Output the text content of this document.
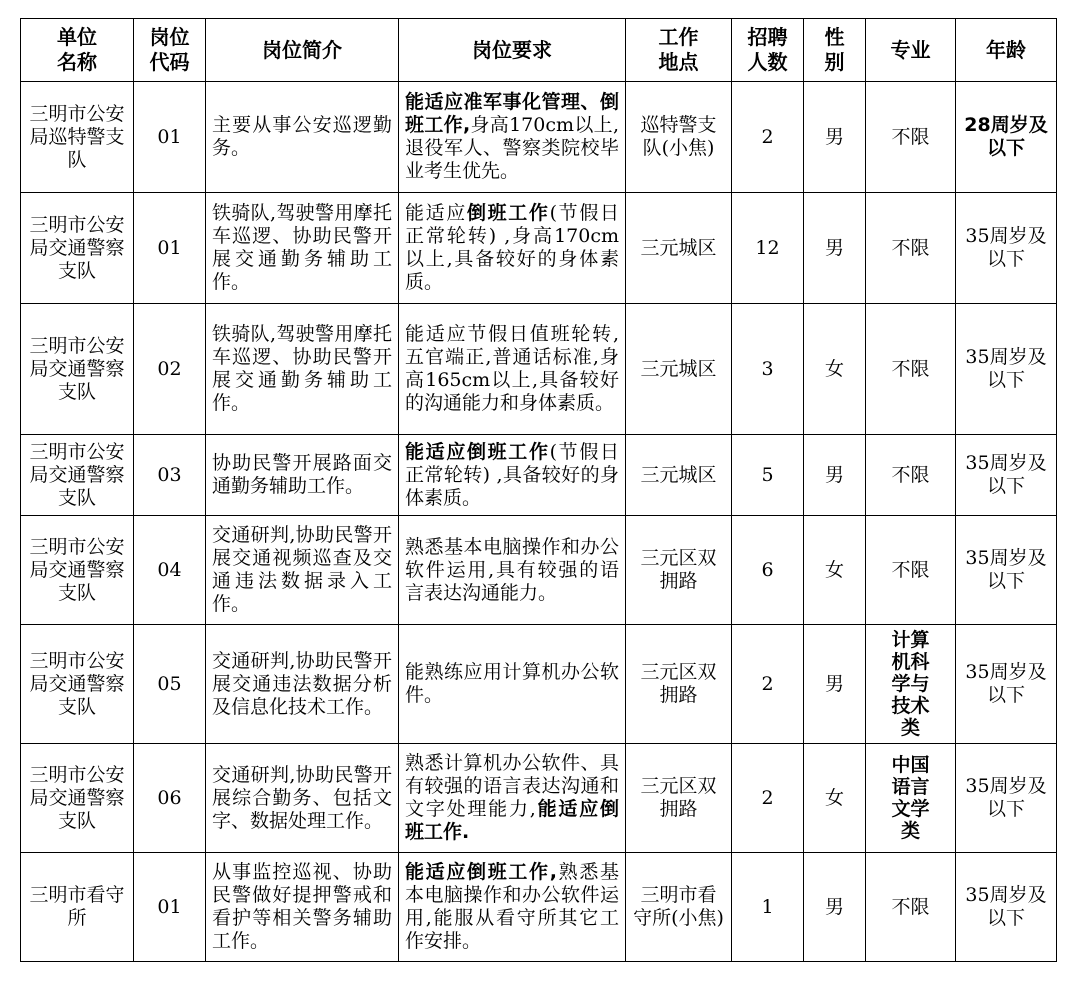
单位名称	岗位代码	岗位简介	岗位要求	工作地点	招聘人数	性别	专业	年龄
三明市公安局巡特警支队	01	主要从事公安巡逻勤务。	能适应准军事化管理、倒班工作,身高170cm以上,退役军人、警察类院校毕业考生优先。	巡特警支队(小焦)	2	男	不限	28周岁及以下
三明市公安局交通警察支队	01	铁骑队,驾驶警用摩托车巡逻、协助民警开展交通勤务辅助工作。	能适应倒班工作(节假日正常轮转) ,身高170cm以上,具备较好的身体素质。	三元城区	12	男	不限	35周岁及以下
三明市公安局交通警察支队	02	铁骑队,驾驶警用摩托车巡逻、协助民警开展交通勤务辅助工作。	能适应节假日值班轮转,五官端正,普通话标准,身高165cm以上,具备较好的沟通能力和身体素质。	三元城区	3	女	不限	35周岁及以下
三明市公安局交通警察支队	03	协助民警开展路面交通勤务辅助工作。	能适应倒班工作(节假日正常轮转) ,具备较好的身体素质。	三元城区	5	男	不限	35周岁及以下
三明市公安局交通警察支队	04	交通研判,协助民警开展交通视频巡查及交通违法数据录入工作。	熟悉基本电脑操作和办公软件运用,具有较强的语言表达沟通能力。	三元区双拥路	6	女	不限	35周岁及以下
三明市公安局交通警察支队	05	交通研判,协助民警开展交通违法数据分析及信息化技术工作。	能熟练应用计算机办公软件。	三元区双拥路	2	男	计算机科学与技术类	35周岁及以下
三明市公安局交通警察支队	06	交通研判,协助民警开展综合勤务、包括文字、数据处理工作。	熟悉计算机办公软件、具有较强的语言表达沟通和文字处理能力,能适应倒班工作.	三元区双拥路	2	女	中国语言文学类	35周岁及以下
三明市看守所	01	从事监控巡视、协助民警做好提押警戒和看护等相关警务辅助工作。	能适应倒班工作,熟悉基本电脑操作和办公软件运用,能服从看守所其它工作安排。	三明市看守所(小焦)	1	男	不限	35周岁及以下
